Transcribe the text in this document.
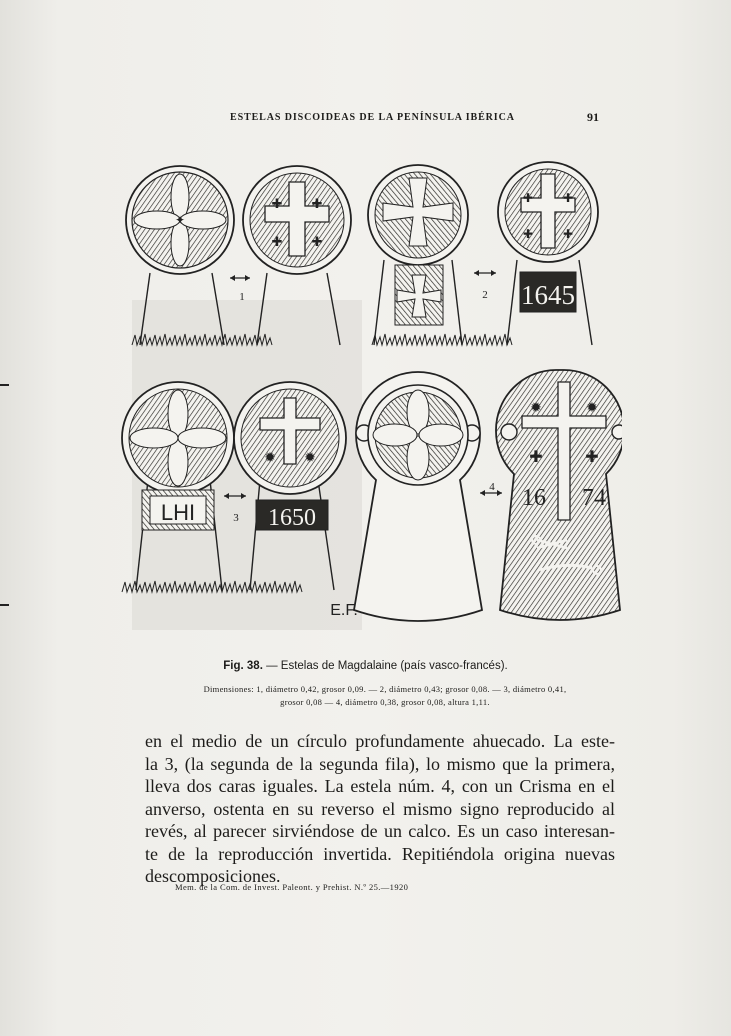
ESTELAS DISCOIDEAS DE LA PENÍNSULA IBÉRICA	91
✦
✚ ✚
✚ ✚
1
✚ ✚
✚ ✚
1645
2
LHI
✹ ✹
1650
3
✹	✹
✚	✚
16 74
4
E.F.
Fig. 38. — Estelas de Magdalaine (país vasco-francés).
Dimensiones: 1, diámetro 0,42, grosor 0,09. — 2, diámetro 0,43; grosor 0,08. — 3, diámetro 0,41,
grosor 0,08 — 4, diámetro 0,38, grosor 0,08, altura 1,11.
en el medio de un círculo profundamente ahuecado. La este-
la 3, (la segunda de la segunda fila), lo mismo que la primera,
lleva dos caras iguales. La estela núm. 4, con un Crisma en el
anverso, ostenta en su reverso el mismo signo reproducido al
revés, al parecer sirviéndose de un calco. Es un caso interesan-
te de la reproducción invertida. Repitiéndola origina nuevas
descomposiciones.
Mem. de la Com. de Invest. Paleont. y Prehist. N.º 25.—1920
